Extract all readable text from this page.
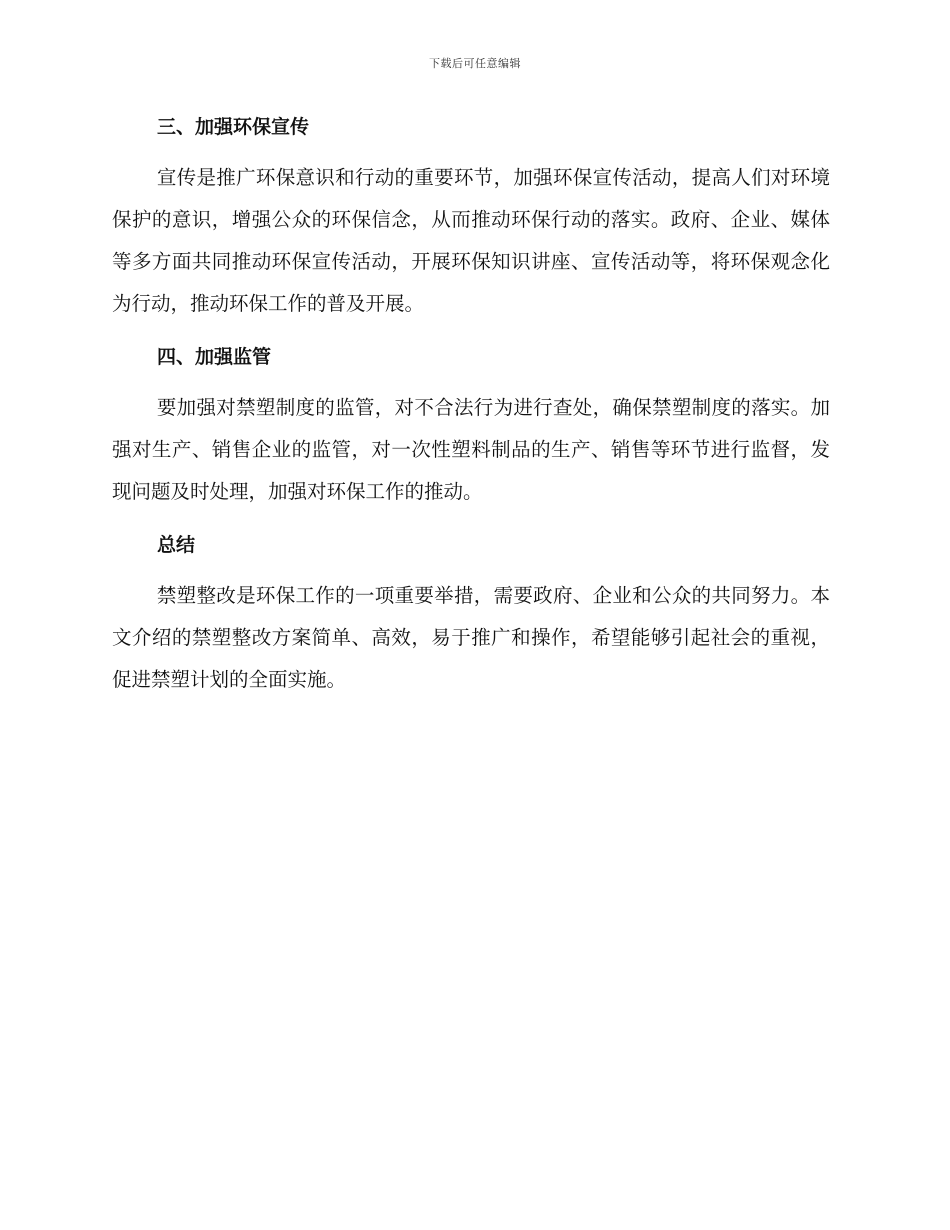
下载后可任意编辑
三、加强环保宣传

宣传是推广环保意识和行动的重要环节，加强环保宣传活动，提高人们对环境保护的意识，增强公众的环保信念，从而推动环保行动的落实。政府、企业、媒体等多方面共同推动环保宣传活动，开展环保知识讲座、宣传活动等，将环保观念化为行动，推动环保工作的普及开展。

四、加强监管

要加强对禁塑制度的监管，对不合法行为进行查处，确保禁塑制度的落实。加强对生产、销售企业的监管，对一次性塑料制品的生产、销售等环节进行监督，发现问题及时处理，加强对环保工作的推动。

总结

禁塑整改是环保工作的一项重要举措，需要政府、企业和公众的共同努力。本文介绍的禁塑整改方案简单、高效，易于推广和操作，希望能够引起社会的重视，促进禁塑计划的全面实施。
